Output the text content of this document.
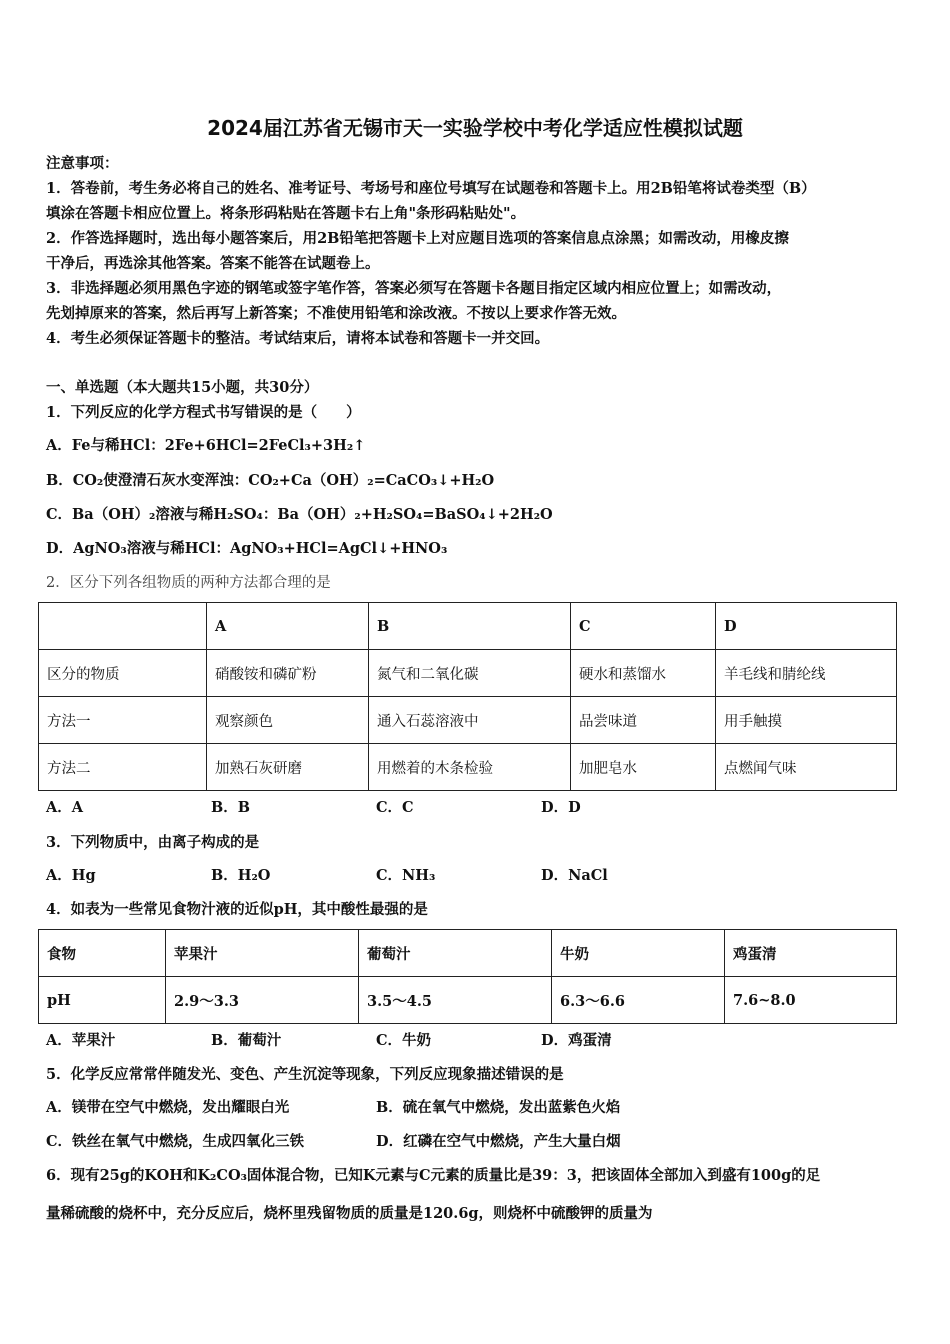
2024届江苏省无锡市天一实验学校中考化学适应性模拟试题
注意事项：
1．答卷前，考生务必将自己的姓名、准考证号、考场号和座位号填写在试题卷和答题卡上。用2B铅笔将试卷类型（B）
填涂在答题卡相应位置上。将条形码粘贴在答题卡右上角"条形码粘贴处"。
2．作答选择题时，选出每小题答案后，用2B铅笔把答题卡上对应题目选项的答案信息点涂黑；如需改动，用橡皮擦
干净后，再选涂其他答案。答案不能答在试题卷上。
3．非选择题必须用黑色字迹的钢笔或签字笔作答，答案必须写在答题卡各题目指定区域内相应位置上；如需改动，
先划掉原来的答案，然后再写上新答案；不准使用铅笔和涂改液。不按以上要求作答无效。
4．考生必须保证答题卡的整洁。考试结束后，请将本试卷和答题卡一并交回。
一、单选题（本大题共15小题，共30分）
1．下列反应的化学方程式书写错误的是（　　）
A．Fe与稀HCl：2Fe+6HCl=2FeCl₃+3H₂↑
B．CO₂使澄清石灰水变浑浊：CO₂+Ca（OH）₂=CaCO₃↓+H₂O
C．Ba（OH）₂溶液与稀H₂SO₄：Ba（OH）₂+H₂SO₄=BaSO₄↓+2H₂O
D．AgNO₃溶液与稀HCl：AgNO₃+HCl=AgCl↓+HNO₃
2．区分下列各组物质的两种方法都合理的是
	A	B	C	D
区分的物质	硝酸铵和磷矿粉	氮气和二氧化碳	硬水和蒸馏水	羊毛线和腈纶线
方法一	观察颜色	通入石蕊溶液中	品尝味道	用手触摸
方法二	加熟石灰研磨	用燃着的木条检验	加肥皂水	点燃闻气味
A．A	B．B	C．C	D．D
3．下列物质中，由离子构成的是
A．Hg	B．H₂O	C．NH₃	D．NaCl
4．如表为一些常见食物汁液的近似pH，其中酸性最强的是
食物	苹果汁	葡萄汁	牛奶	鸡蛋清
pH	2.9～3.3	3.5～4.5	6.3～6.6	7.6~8.0
A．苹果汁	B．葡萄汁	C．牛奶	D．鸡蛋清
5．化学反应常常伴随发光、变色、产生沉淀等现象，下列反应现象描述错误的是
A．镁带在空气中燃烧，发出耀眼白光	B．硫在氧气中燃烧，发出蓝紫色火焰
C．铁丝在氧气中燃烧，生成四氧化三铁	D．红磷在空气中燃烧，产生大量白烟
6．现有25g的KOH和K₂CO₃固体混合物，已知K元素与C元素的质量比是39：3，把该固体全部加入到盛有100g的足
量稀硫酸的烧杯中，充分反应后，烧杯里残留物质的质量是120.6g，则烧杯中硫酸钾的质量为
